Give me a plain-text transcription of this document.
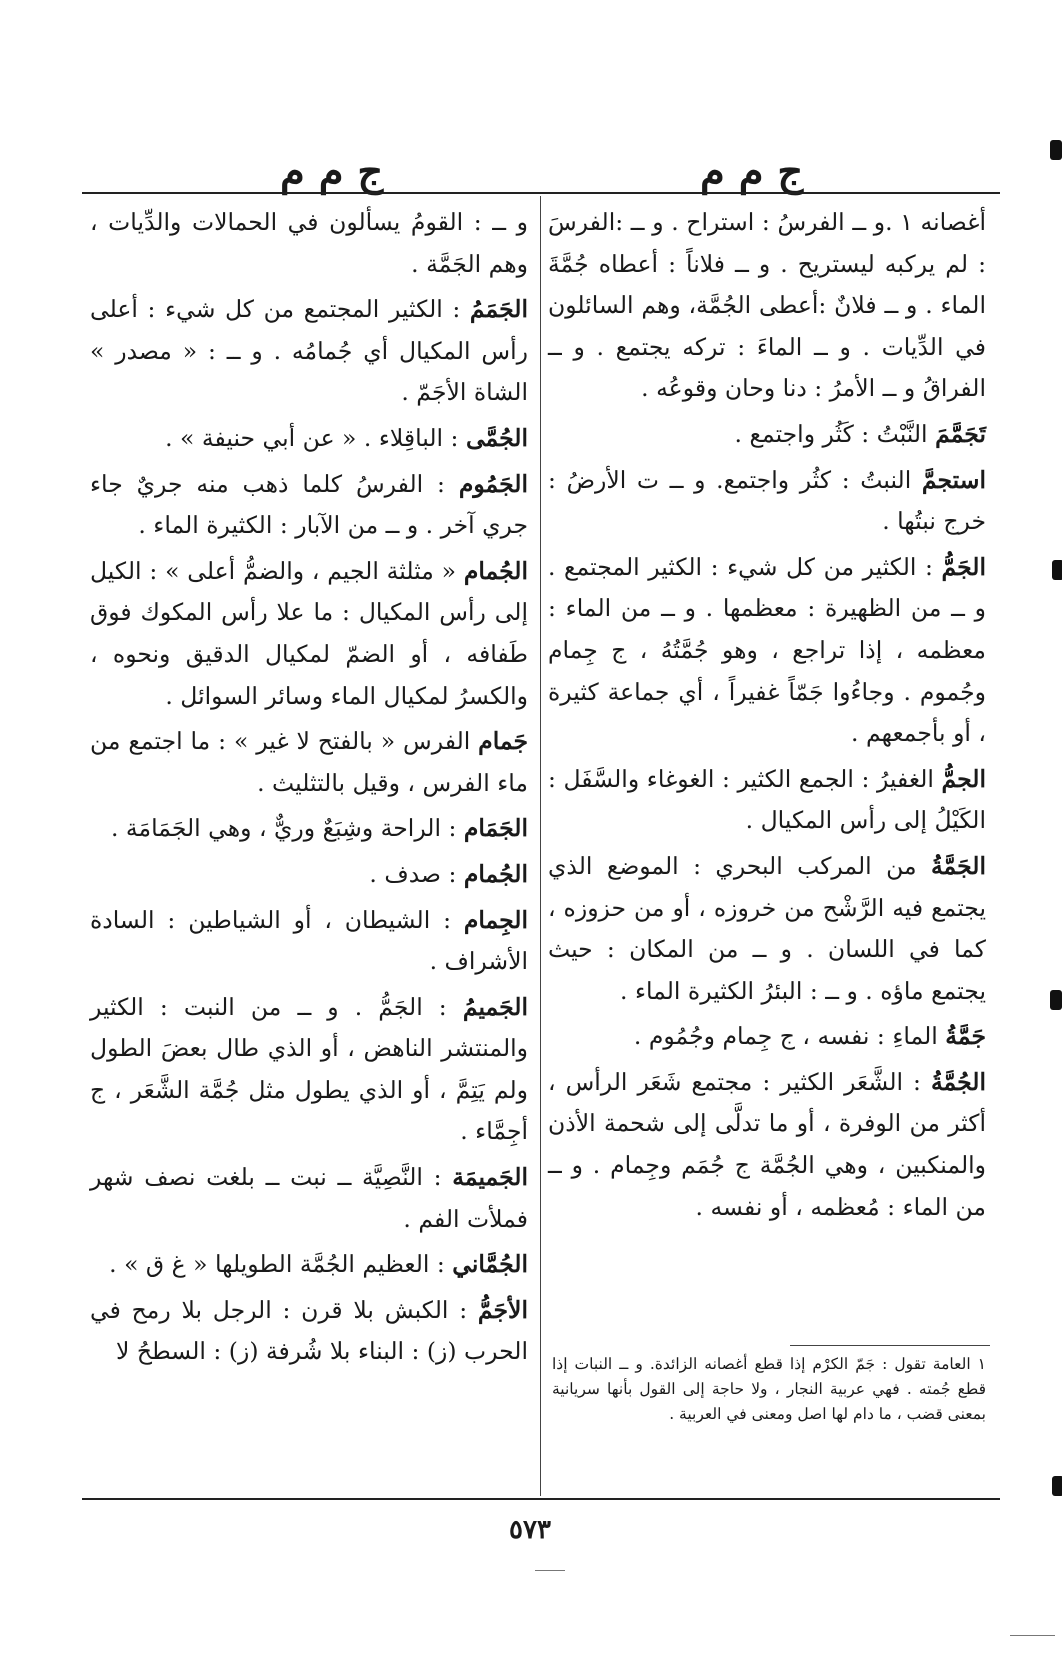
ج م م	ج م م
أغصانه ١ .و ــ الفرسُ : استراح . و ــ :الفرسَ : لم يركبه ليستريح . و ــ فلاناً : أعطاه جُمَّةَ الماء . و ــ فلانٌ :أعطى الجُمَّة، وهم السائلون في الدِّيات . و ــ الماءَ : تركه يجتمع . و ــ الفراقُ و ــ الأمرُ : دنا وحان وقوعُه .
تَجَمَّمَ النَّبْتُ : كَثُر واجتمع .
استجمَّ النبتُ : كثُر واجتمع. و ــ ت الأرضُ : خرج نبتُها .
الجَمُّ : الكثير من كل شيء : الكثير المجتمع . و ــ من الظهيرة : معظمها . و ــ من الماء : معظمه ، إذا تراجع ، وهو جُمَّتُهُ ، ج جِمام وجُموم . وجاءُوا جَمّاً غفيراً ، أي جماعة كثيرة ، أو بأجمعهم .
الجمُّ الغفيرُ : الجمع الكثير : الغوغاء والسَّفَل : الكَيْلُ إلى رأس المكيال .
الجَمَّةُ من المركب البحري : الموضع الذي يجتمع فيه الرَّشْح من خروزه ، أو من حزوزه ، كما في اللسان . و ــ من المكان : حيث يجتمع ماؤه . و ــ : البئرُ الكثيرة الماء .
جَمَّةُ الماءِ : نفسه ، ج جِمام وجُمُوم .
الجُمَّةُ : الشَّعَر الكثير : مجتمع شَعَر الرأس ، أكثر من الوفرة ، أو ما تدلَّى إلى شحمة الأذن والمنكبين ، وهي الجُمَّة ج جُمَم وجِمام . و ــ من الماء : مُعظمه ، أو نفسه .
و ــ : القومُ يسألون في الحمالات والدِّيات ، وهم الجَمَّة .
الجَمَمُ : الكثير المجتمع من كل شيء : أعلى رأس المكيال أي جُمامُه . و ــ : « مصدر » الشاة الأجَمّ .
الجُمَّى : الباقِلاء . « عن أبي حنيفة » .
الجَمُوم : الفرسُ كلما ذهب منه جريٌ جاء جري آخر . و ــ من الآبار : الكثيرة الماء .
الجُمام « مثلثة الجيم ، والضمُّ أعلى » : الكيل إلى رأس المكيال : ما علا رأس المكوك فوق طَفافه ، أو الضمّ لمكيال الدقيق ونحوه ، والكسرُ لمكيال الماء وسائر السوائل .
جَمام الفرس « بالفتح لا غير » : ما اجتمع من ماء الفرس ، وقيل بالتثليث .
الجَمَام : الراحة وشِبَعٌ وريٌّ ، وهي الجَمَامَة .
الجُمام : صدف .
الجِمام : الشيطان ، أو الشياطين : السادة الأشراف .
الجَميمُ : الجَمُّ . و ــ من النبت : الكثير والمنتشر الناهض ، أو الذي طال بعضَ الطول ولم يَتِمَّ ، أو الذي يطول مثل جُمَّة الشَّعَر ، ج أجِمَّاء .
الجَميمَة : النَّصِيَّة ــ نبت ــ بلغت نصف شهر فملأت الفم .
الجُمَّاني : العظيم الجُمَّة الطويلها « غ ق » .
الأجَمُّ : الكبش بلا قرن : الرجل بلا رمح في الحرب (ز) : البناء بلا شُرفة (ز) : السطحُ لا ١ العامة تقول : جَمّ الكرْم إذا قطع أغصانه الزائدة. و ــ النبات إذا قطع جُمته . فهي عربية النجار ، ولا حاجة إلى القول بأنها سريانية بمعنى قضب ، ما دام لها اصل ومعنى في العربية .
٥٧٣
